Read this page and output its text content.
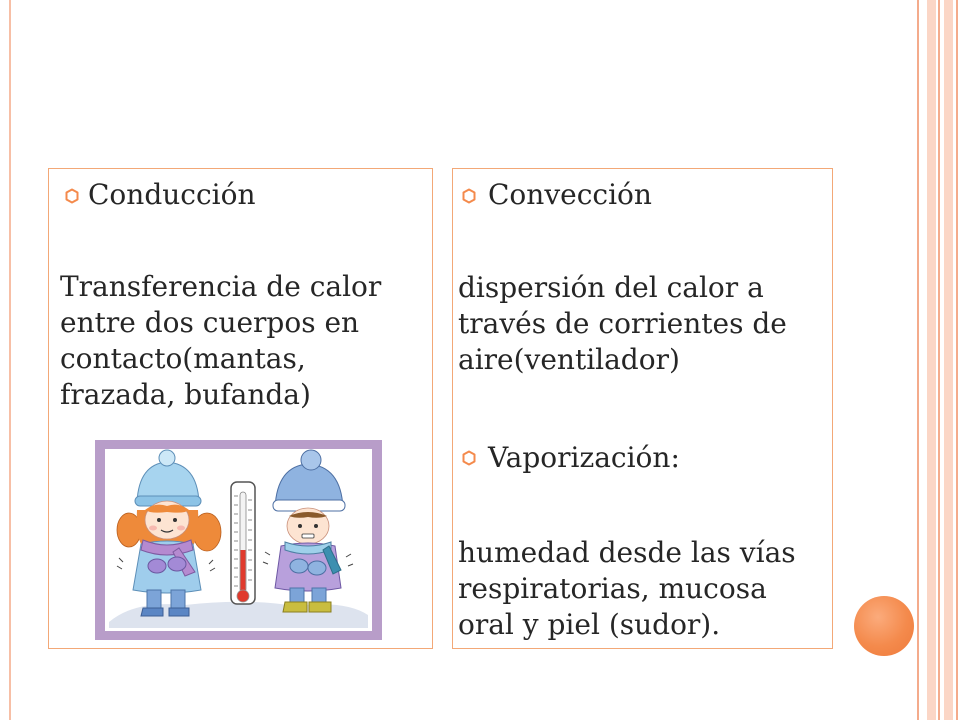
Conducción
Transferencia de calor
entre dos cuerpos en
contacto(mantas,
frazada, bufanda)
Convección
dispersión del calor a
través de corrientes de
aire(ventilador)
Vaporización:
humedad desde las vías
respiratorias, mucosa
oral y piel (sudor).
